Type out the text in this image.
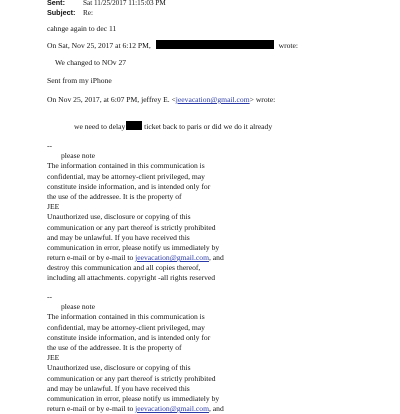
Sent:	Sat 11/25/2017 11:15:03 PM
Subject: Re:
cahnge again to dec 11
On Sat, Nov 25, 2017 at 6:12 PM,	wrote:
We changed to NOv 27
Sent from my iPhone
On Nov 25, 2017, at 6:07 PM, jeffrey E. <jeevacation@gmail.com> wrote:
we need to delay ticket back to paris or did we do it already
--
please note
The information contained in this communication is
confidential, may be attorney-client privileged, may
constitute inside information, and is intended only for
the use of the addressee. It is the property of
JEE
Unauthorized use, disclosure or copying of this
communication or any part thereof is strictly prohibited
and may be unlawful. If you have received this
communication in error, please notify us immediately by
return e-mail or by e-mail to jeevacation@gmail.com, and
destroy this communication and all copies thereof,
including all attachments. copyright -all rights reserved
--
please note
The information contained in this communication is
confidential, may be attorney-client privileged, may
constitute inside information, and is intended only for
the use of the addressee. It is the property of
JEE
Unauthorized use, disclosure or copying of this
communication or any part thereof is strictly prohibited
and may be unlawful. If you have received this
communication in error, please notify us immediately by
return e-mail or by e-mail to jeevacation@gmail.com, and
